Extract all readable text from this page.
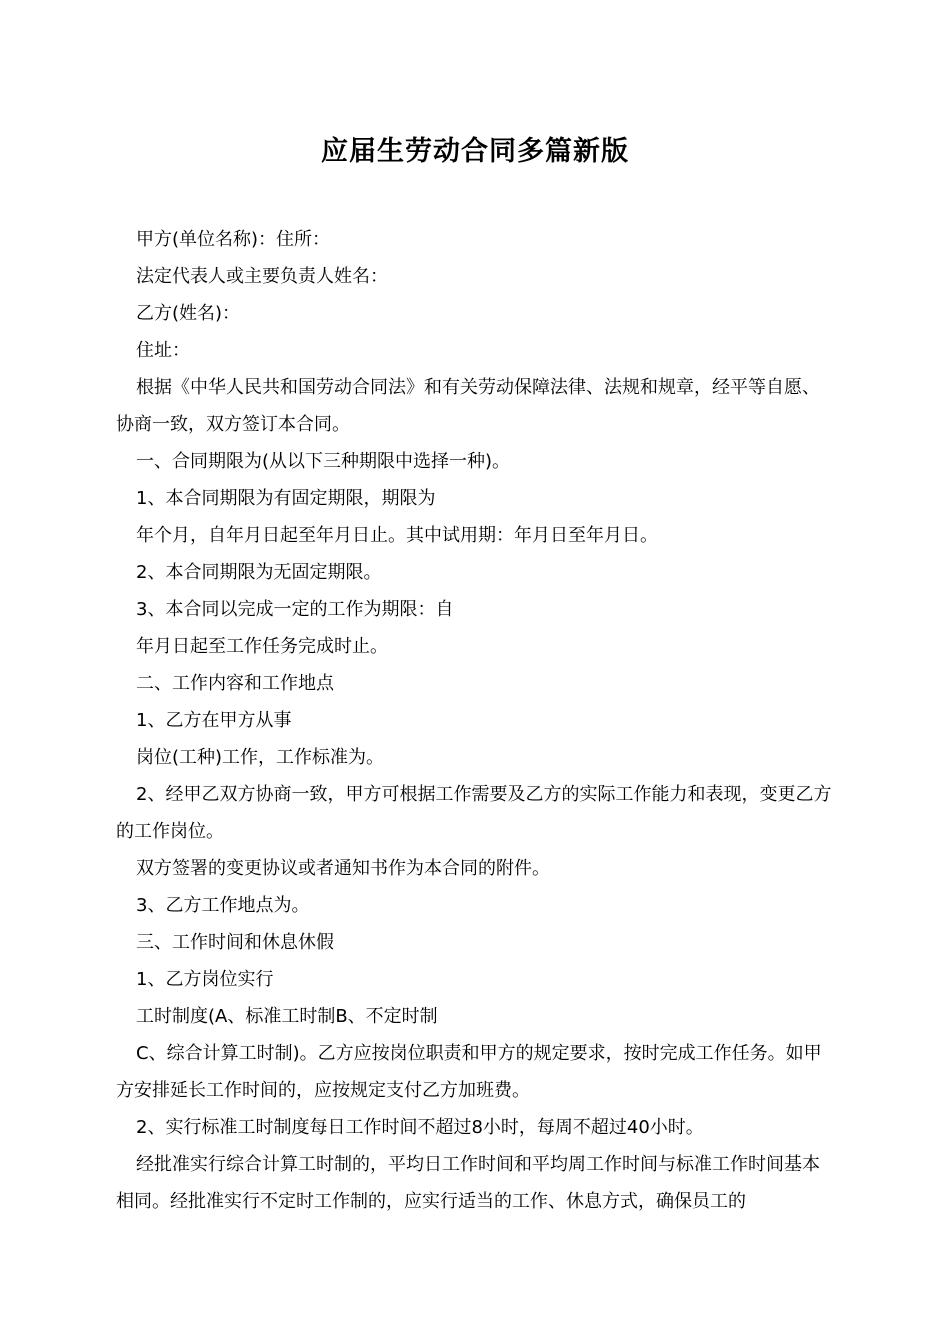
应届生劳动合同多篇新版

甲方(单位名称)：住所：

法定代表人或主要负责人姓名：

乙方(姓名)：

住址：

根据《中华人民共和国劳动合同法》和有关劳动保障法律、法规和规章，经平等自愿、协商一致，双方签订本合同。

一、合同期限为(从以下三种期限中选择一种)。

1、本合同期限为有固定期限，期限为

年个月，自年月日起至年月日止。其中试用期：年月日至年月日。

2、本合同期限为无固定期限。

3、本合同以完成一定的工作为期限：自

年月日起至工作任务完成时止。

二、工作内容和工作地点

1、乙方在甲方从事

岗位(工种)工作，工作标准为。

2、经甲乙双方协商一致，甲方可根据工作需要及乙方的实际工作能力和表现，变更乙方的工作岗位。

双方签署的变更协议或者通知书作为本合同的附件。

3、乙方工作地点为。

三、工作时间和休息休假

1、乙方岗位实行

工时制度(A、标准工时制B、不定时制

C、综合计算工时制)。乙方应按岗位职责和甲方的规定要求，按时完成工作任务。如甲方安排延长工作时间的，应按规定支付乙方加班费。

2、实行标准工时制度每日工作时间不超过8小时，每周不超过40小时。

经批准实行综合计算工时制的，平均日工作时间和平均周工作时间与标准工作时间基本相同。经批准实行不定时工作制的，应实行适当的工作、休息方式，确保员工的
